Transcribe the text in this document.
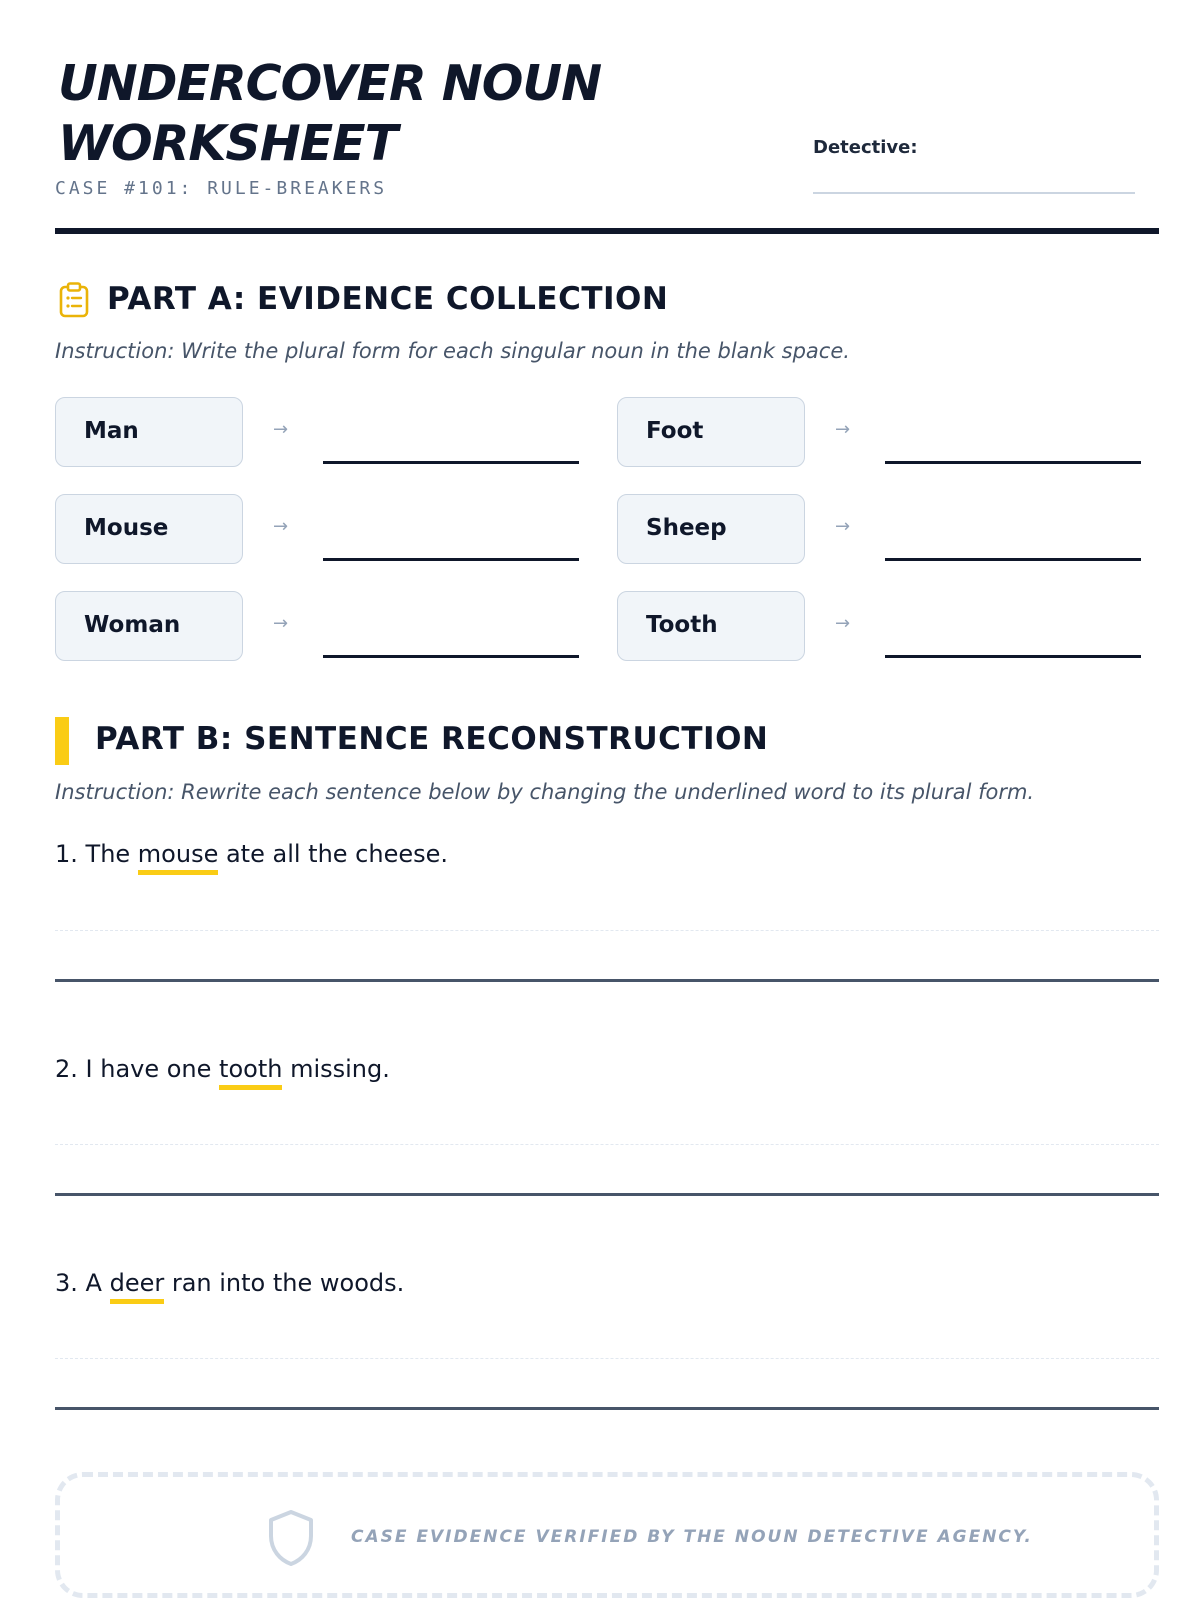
UNDERCOVER NOUN WORKSHEET
CASE #101: RULE-BREAKERS
Detective:
PART A: EVIDENCE COLLECTION

Instruction: Write the plural form for each singular noun in the blank space.

Man	→	Foot	→
Mouse	→	Sheep	→
Woman	→	Tooth	→
PART B: SENTENCE RECONSTRUCTION

Instruction: Rewrite each sentence below by changing the underlined word to its plural form.

1. The mouse ate all the cheese.
2. I have one tooth missing.
3. A deer ran into the woods.
CASE EVIDENCE VERIFIED BY THE NOUN DETECTIVE AGENCY.
